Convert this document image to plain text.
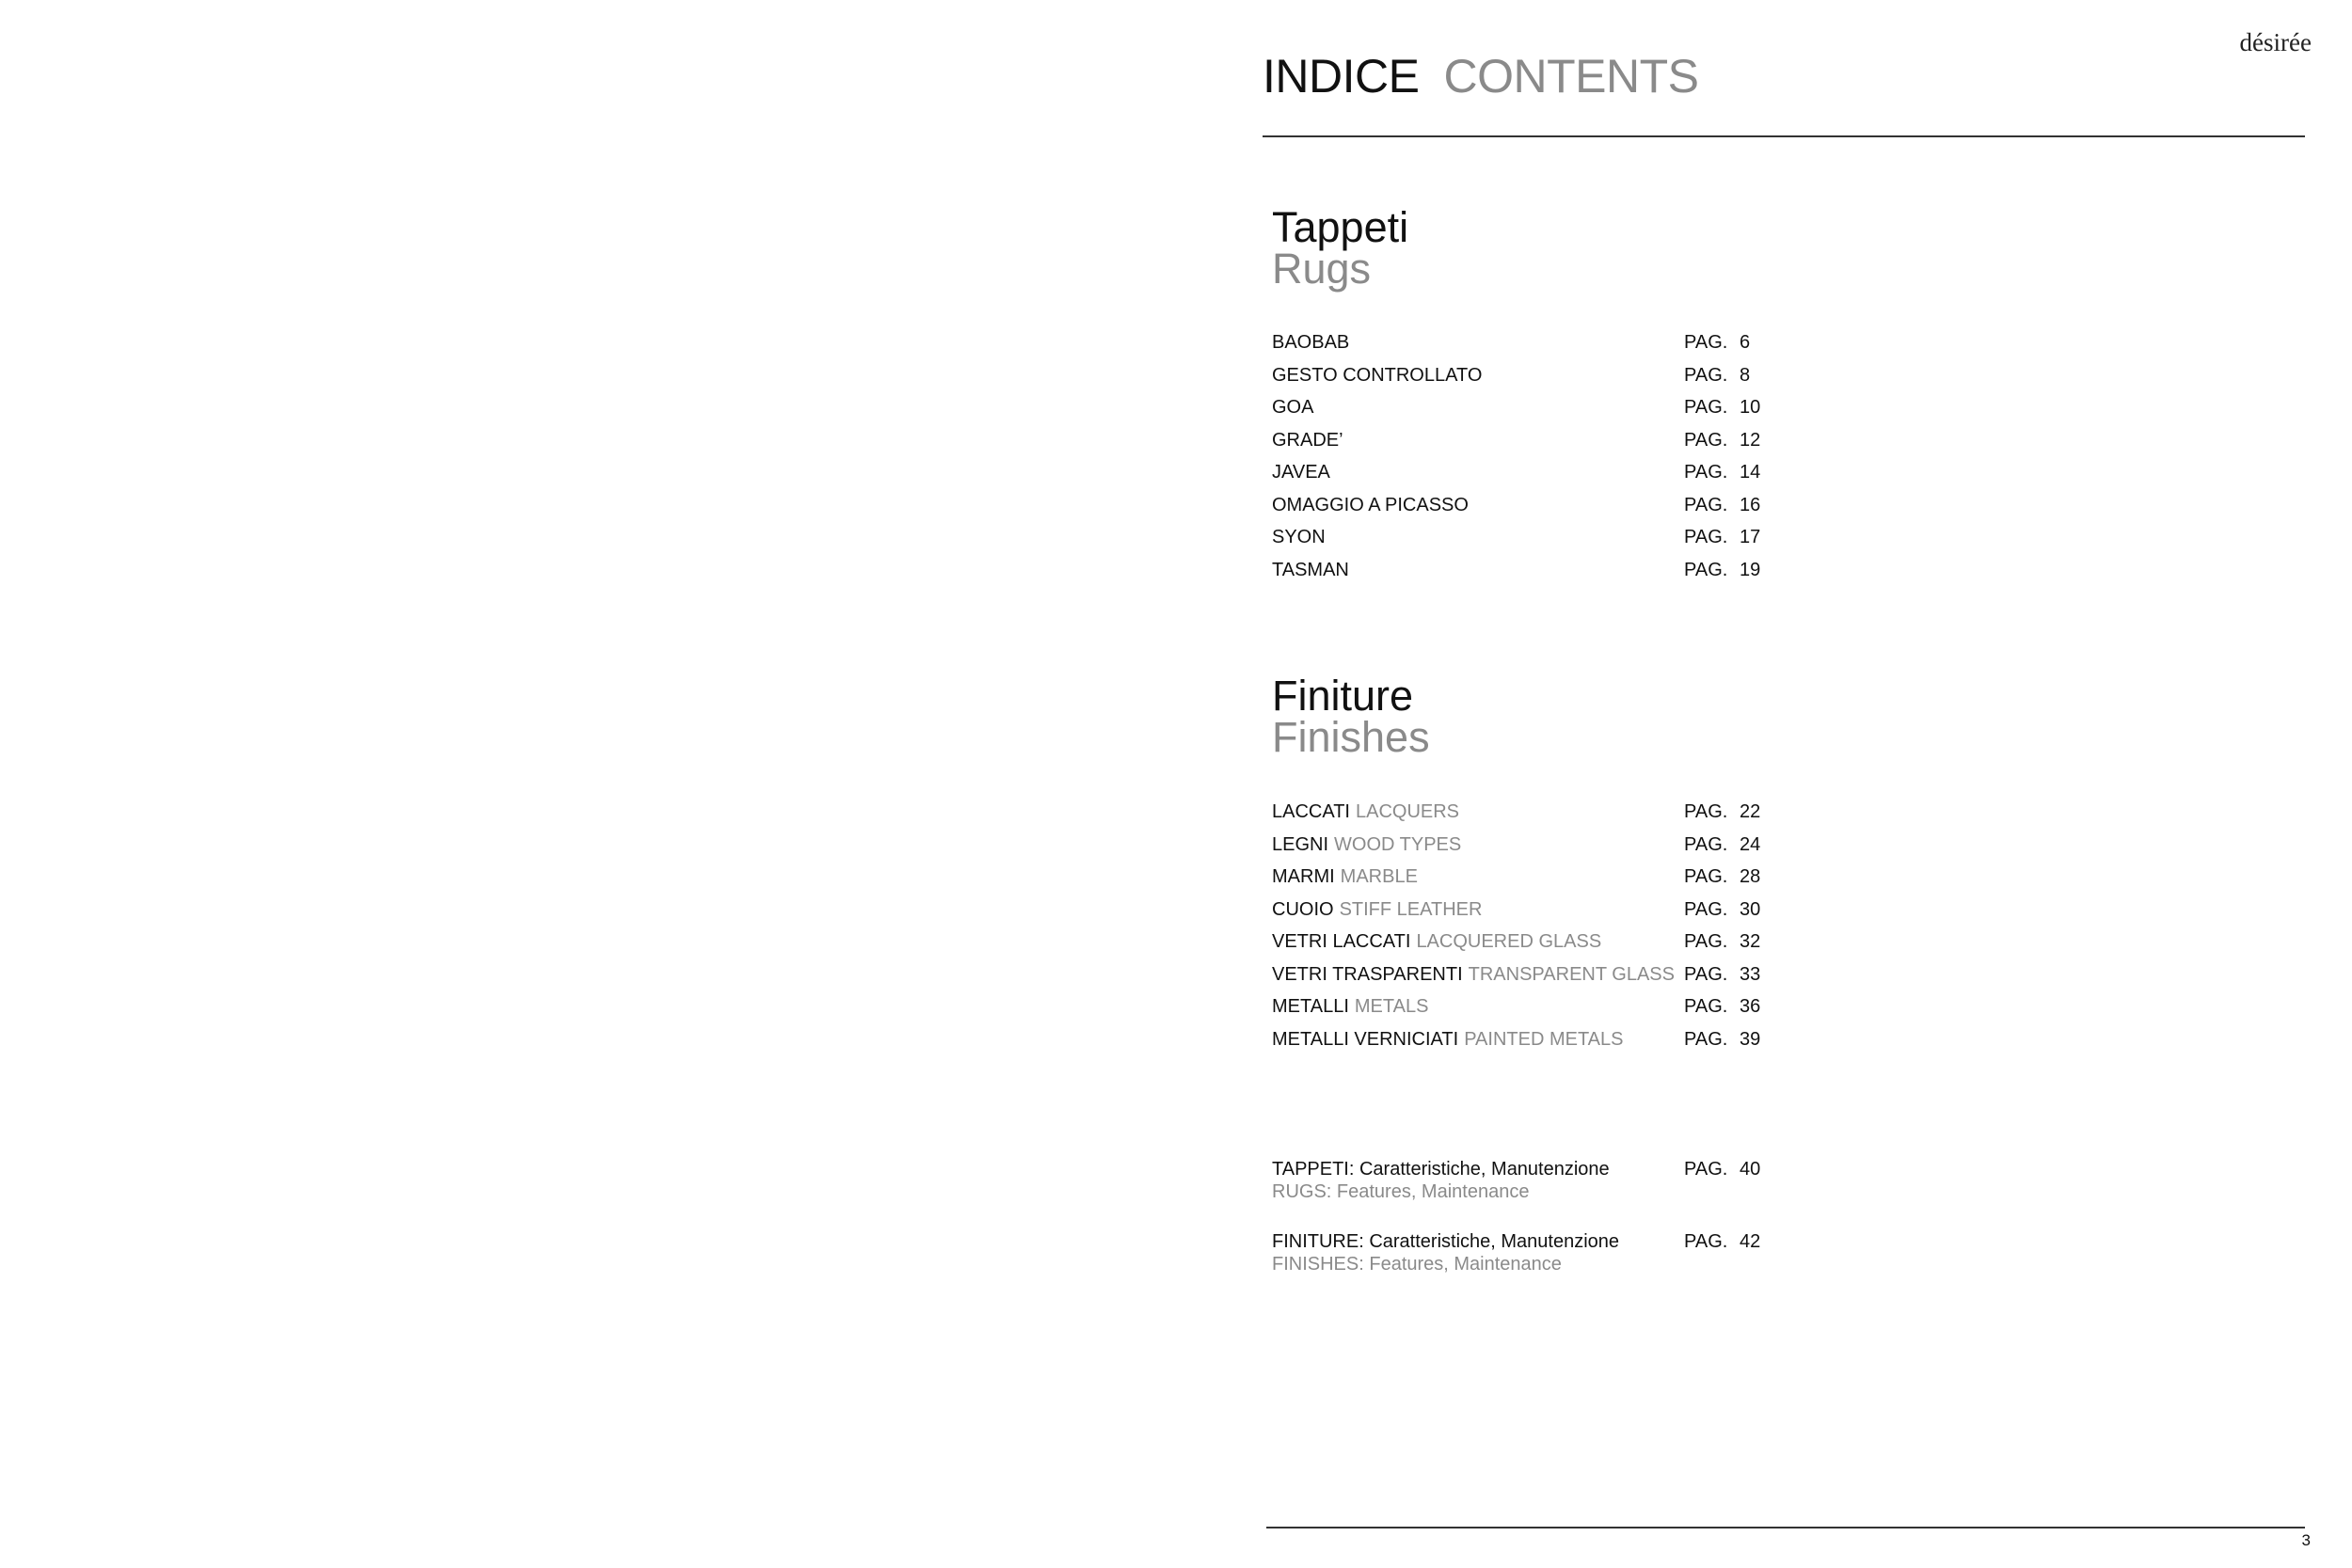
désirée
INDICE CONTENTS
Tappeti
Rugs
BAOBAB	PAG. 6
GESTO CONTROLLATO	PAG. 8
GOA	PAG. 10
GRADE’	PAG. 12
JAVEA	PAG. 14
OMAGGIO A PICASSO	PAG. 16
SYON	PAG. 17
TASMAN	PAG. 19
Finiture
Finishes
LACCATI LACQUERS	PAG. 22
LEGNI WOOD TYPES	PAG. 24
MARMI MARBLE	PAG. 28
CUOIO STIFF LEATHER	PAG. 30
VETRI LACCATI LACQUERED GLASS	PAG. 32
VETRI TRASPARENTI TRANSPARENT GLASS PAG. 33
METALLI METALS	PAG. 36
METALLI VERNICIATI PAINTED METALS	PAG. 39
TAPPETI: Caratteristiche, Manutenzione	PAG. 40
RUGS: Features, Maintenance
FINITURE: Caratteristiche, Manutenzione	PAG. 42
FINISHES: Features, Maintenance
3
